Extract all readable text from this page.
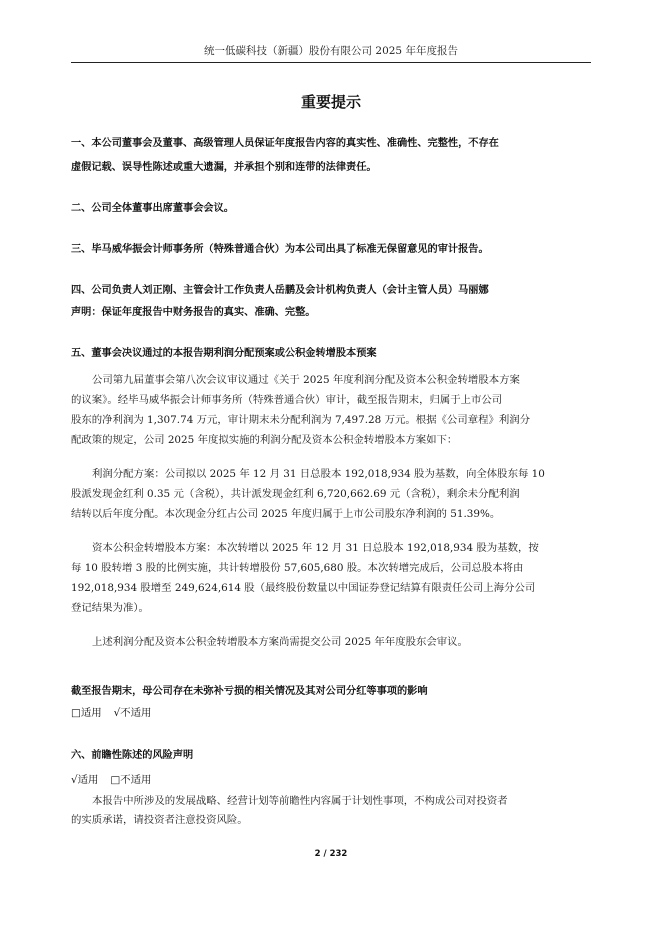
统一低碳科技（新疆）股份有限公司 2025 年年度报告
重要提示
一、本公司董事会及董事、高级管理人员保证年度报告内容的真实性、准确性、完整性，不存在
虚假记载、误导性陈述或重大遗漏，并承担个别和连带的法律责任。
二、公司全体董事出席董事会会议。
三、毕马威华振会计师事务所（特殊普通合伙）为本公司出具了标准无保留意见的审计报告。
四、公司负责人刘正刚、主管会计工作负责人岳鹏及会计机构负责人（会计主管人员）马丽娜
声明：保证年度报告中财务报告的真实、准确、完整。
五、董事会决议通过的本报告期利润分配预案或公积金转增股本预案
公司第九届董事会第八次会议审议通过《关于 2025 年度利润分配及资本公积金转增股本方案
的议案》。经毕马威华振会计师事务所（特殊普通合伙）审计，截至报告期末，归属于上市公司
股东的净利润为 1,307.74 万元，审计期末未分配利润为 7,497.28 万元。根据《公司章程》利润分
配政策的规定，公司 2025 年度拟实施的利润分配及资本公积金转增股本方案如下：
利润分配方案：公司拟以 2025 年 12 月 31 日总股本 192,018,934 股为基数，向全体股东每 10
股派发现金红利 0.35 元（含税），共计派发现金红利 6,720,662.69 元（含税），剩余未分配利润
结转以后年度分配。本次现金分红占公司 2025 年度归属于上市公司股东净利润的 51.39%。
资本公积金转增股本方案：本次转增以 2025 年 12 月 31 日总股本 192,018,934 股为基数，按
每 10 股转增 3 股的比例实施，共计转增股份 57,605,680 股。本次转增完成后，公司总股本将由
192,018,934 股增至 249,624,614 股（最终股份数量以中国证券登记结算有限责任公司上海分公司
登记结果为准）。
上述利润分配及资本公积金转增股本方案尚需提交公司 2025 年年度股东会审议。
截至报告期末，母公司存在未弥补亏损的相关情况及其对公司分红等事项的影响
□适用 √不适用
六、前瞻性陈述的风险声明
√适用 □不适用
本报告中所涉及的发展战略、经营计划等前瞻性内容属于计划性事项，不构成公司对投资者
的实质承诺，请投资者注意投资风险。
2 / 232
